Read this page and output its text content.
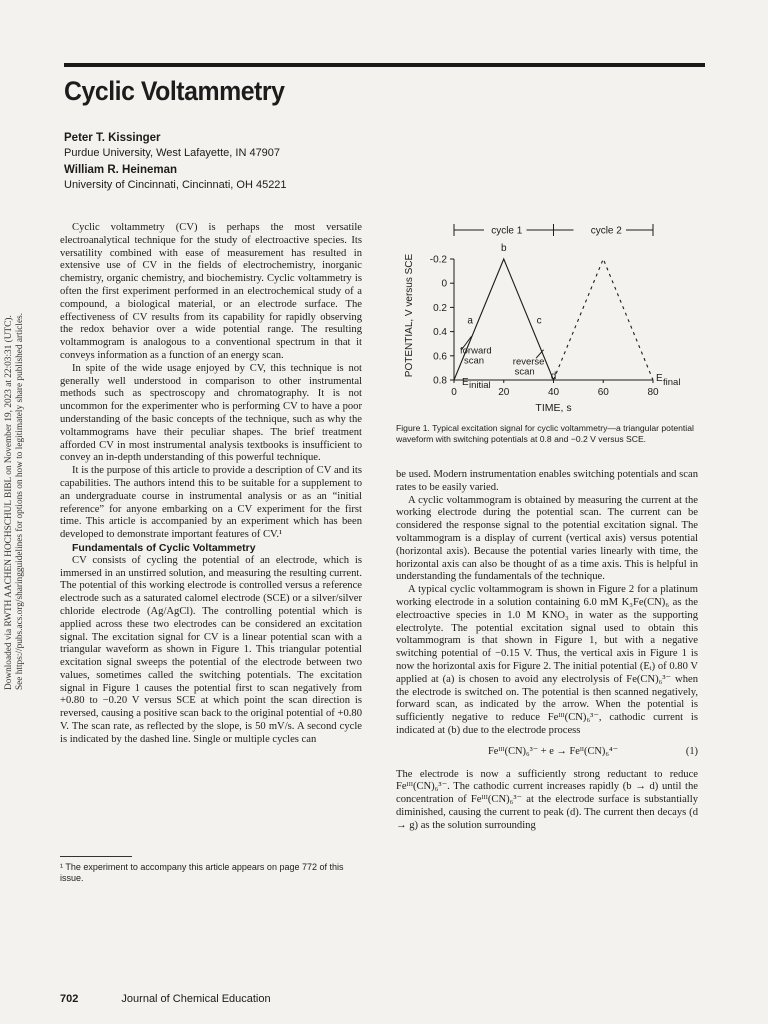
Cyclic Voltammetry
Peter T. Kissinger
Purdue University, West Lafayette, IN 47907
William R. Heineman
University of Cincinnati, Cincinnati, OH 45221
Downloaded via RWTH AACHEN HOCHSCHUL BIBL on November 19, 2023 at 22:03:31 (UTC). See https://pubs.acs.org/sharingguidelines for options on how to legitimately share published articles.

Cyclic voltammetry (CV) is perhaps the most versatile electroanalytical technique for the study of electroactive species. Its versatility combined with ease of measurement has resulted in extensive use of CV in the fields of electrochemistry, inorganic chemistry, organic chemistry, and biochemistry. Cyclic voltammetry is often the first experiment performed in an electrochemical study of a compound, a biological material, or an electrode surface. The effectiveness of CV results from its capability for rapidly observing the redox behavior over a wide potential range. The resulting voltammogram is analogous to a conventional spectrum in that it conveys information as a function of an energy scan.

In spite of the wide usage enjoyed by CV, this technique is not generally well understood in comparison to other instrumental methods such as spectroscopy and chromatography. It is not uncommon for the experimenter who is performing CV to have a poor understanding of the basic concepts of the technique, such as why the voltammograms have their peculiar shapes. The brief treatment afforded CV in most instrumental analysis textbooks is insufficient to convey an in-depth understanding of this powerful technique.

It is the purpose of this article to provide a description of CV and its capabilities. The authors intend this to be suitable for a supplement to an undergraduate course in instrumental analysis or as an “initial reference” for anyone embarking on a CV experiment for the first time. This article is accompanied by an experiment which has been developed to demonstrate important features of CV.¹

Fundamentals of Cyclic Voltammetry

CV consists of cycling the potential of an electrode, which is immersed in an unstirred solution, and measuring the resulting current. The potential of this working electrode is controlled versus a reference electrode such as a saturated calomel electrode (SCE) or a silver/silver chloride electrode (Ag/AgCl). The controlling potential which is applied across these two electrodes can be considered an excitation signal. The excitation signal for CV is a linear potential scan with a triangular waveform as shown in Figure 1. This triangular potential excitation signal sweeps the potential of the electrode between two values, sometimes called the switching potentials. The excitation signal in Figure 1 causes the potential first to scan negatively from +0.80 to −0.20 V versus SCE at which point the scan direction is reversed, causing a positive scan back to the original potential of +0.80 V. The scan rate, as reflected by the slope, is 50 mV/s. A second cycle is indicated by the dashed line. Single or multiple cycles can

¹ The experiment to accompany this article appears on page 772 of this issue.
-0.2
0
0.2
0.4
0.6
0.8
0	20	40	60	80
TIME, s
POTENTIAL, V versus SCE
cycle 1	cycle 2
b
a	c
d
forward
scan	reverse
scan
E initial
E final
Figure 1. Typical excitation signal for cyclic voltammetry—a triangular potential waveform with switching potentials at 0.8 and −0.2 V versus SCE.

be used. Modern instrumentation enables switching potentials and scan rates to be easily varied.

A cyclic voltammogram is obtained by measuring the current at the working electrode during the potential scan. The current can be considered the response signal to the potential excitation signal. The voltammogram is a display of current (vertical axis) versus potential (horizontal axis). Because the potential varies linearly with time, the horizontal axis can also be thought of as a time axis. This is helpful in understanding the fundamentals of the technique.

A typical cyclic voltammogram is shown in Figure 2 for a platinum working electrode in a solution containing 6.0 mM K₃Fe(CN)₆ as the electroactive species in 1.0 M KNO₃ in water as the supporting electrolyte. The potential excitation signal used to obtain this voltammogram is that shown in Figure 1, but with a negative switching potential of −0.15 V. Thus, the vertical axis in Figure 1 is now the horizontal axis for Figure 2. The initial potential (Eᵢ) of 0.80 V applied at (a) is chosen to avoid any electrolysis of Fe(CN)₆³⁻ when the electrode is switched on. The potential is then scanned negatively, forward scan, as indicated by the arrow. When the potential is sufficiently negative to reduce Feᴵᴵᴵ(CN)₆³⁻, cathodic current is indicated at (b) due to the electrode process

Feᴵᴵᴵ(CN)₆³⁻ + e → Feᴵᴵ(CN)₆⁴⁻	(1)

The electrode is now a sufficiently strong reductant to reduce Feᴵᴵᴵ(CN)₆³⁻. The cathodic current increases rapidly (b → d) until the concentration of Feᴵᴵᴵ(CN)₆³⁻ at the electrode surface is substantially diminished, causing the current to peak (d). The current then decays (d → g) as the solution surrounding

702	Journal of Chemical Education
